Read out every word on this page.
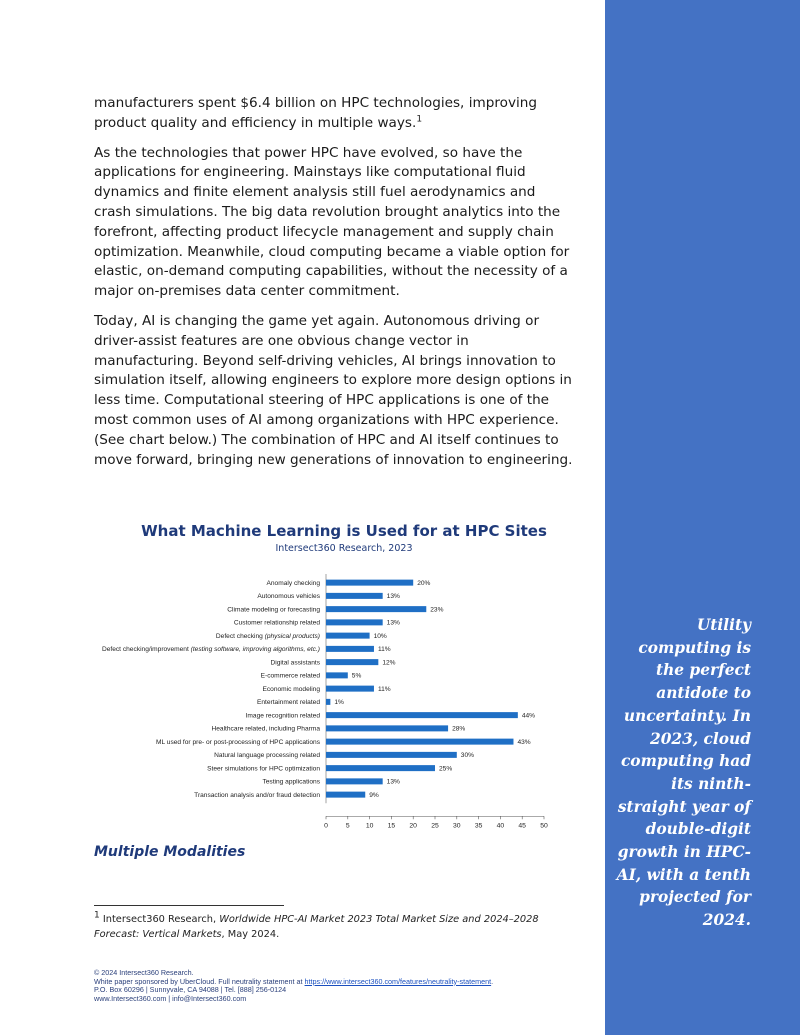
Utility computing is the perfect antidote to uncertainty. In 2023, cloud computing had its ninth-straight year of double-digit growth in HPC-AI, with a tenth projected for 2024.

manufacturers spent $6.4 billion on HPC technologies, improving product quality and efficiency in multiple ways.$^1$

As the technologies that power HPC have evolved, so have the applications for engineering. Mainstays like computational fluid dynamics and finite element analysis still fuel aerodynamics and crash simulations. The big data revolution brought analytics into the forefront, affecting product lifecycle management and supply chain optimization. Meanwhile, cloud computing became a viable option for elastic, on-demand computing capabilities, without the necessity of a major on-premises data center commitment.

Today, AI is changing the game yet again. Autonomous driving or driver-assist features are one obvious change vector in manufacturing. Beyond self-driving vehicles, AI brings innovation to simulation itself, allowing engineers to explore more design options in less time. Computational steering of HPC applications is one of the most common uses of AI among organizations with HPC experience. (See chart below.) The combination of HPC and AI itself continues to move forward, bringing new generations of innovation to engineering.

What Machine Learning is Used for at HPC Sites
Intersect360 Research, 2023
Anomaly checking	20%
Autonomous vehicles	13%
Climate modeling or forecasting	23%
Customer relationship related	13%
Defect checking (physical products)	10%
Defect checking/improvement (testing software, improving algorithms, etc.)	11%
Digital assistants	12%
E-commerce related	5%
Economic modeling	11%
Entertainment related 1%
Image recognition related	44%
Healthcare related, including Pharma	28%
ML used for pre- or post-processing of HPC applications	43%
Natural language processing related	30%
Steer simulations for HPC optimization	25%
Testing applications	13%
Transaction analysis and/or fraud detection	9%
0	5 10 15 20 25 30 35 40 45 50
Multiple Modalities
$^1$ Intersect360 Research, Worldwide HPC-AI Market 2023 Total Market Size and 2024–2028 Forecast: Vertical Markets, May 2024.
© 2024 Intersect360 Research.
White paper sponsored by UberCloud. Full neutrality statement at https://www.intersect360.com/features/neutrality-statement.
P.O. Box 60296 | Sunnyvale, CA 94088 | Tel. [888] 256-0124
www.Intersect360.com | info@Intersect360.com
